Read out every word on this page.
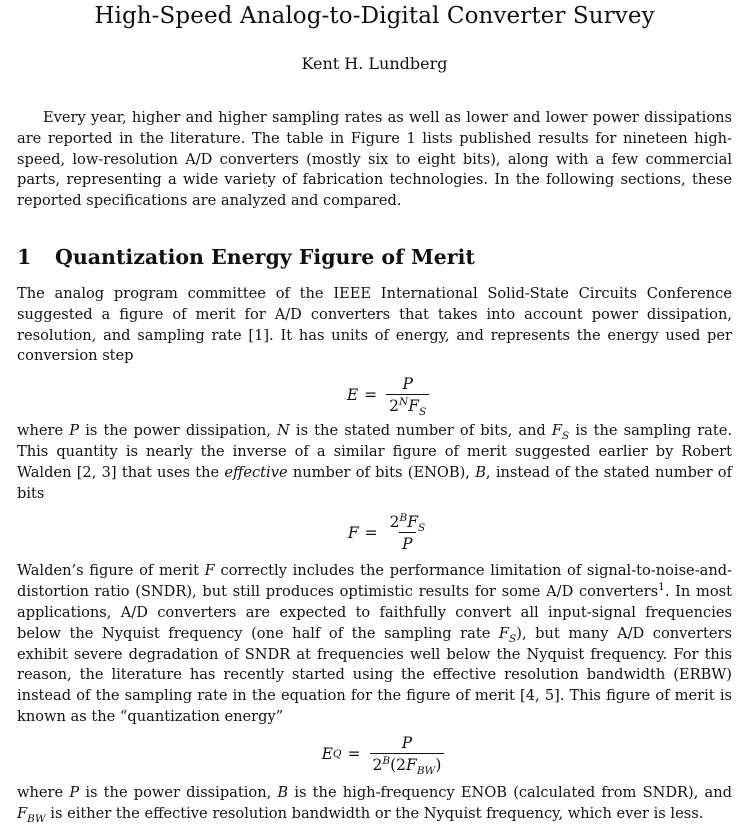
High-Speed Analog-to-Digital Converter Survey
Kent H. Lundberg

Every year, higher and higher sampling rates as well as lower and lower power dissipations are reported in the literature. The table in Figure 1 lists published results for nineteen high-speed, low-resolution A/D converters (mostly six to eight bits), along with a few commercial parts, representing a wide variety of fabrication technologies. In the following sections, these reported specifications are analyzed and compared.

1 Quantization Energy Figure of Merit

The analog program committee of the IEEE International Solid-State Circuits Conference suggested a figure of merit for A/D converters that takes into account power dissipation, resolution, and sampling rate [1]. It has units of energy, and represents the energy used per conversion step

$E = \frac{P}{2^NF_S}$

where P is the power dissipation, N is the stated number of bits, and $F_S$ is the sampling rate. This quantity is nearly the inverse of a similar figure of merit suggested earlier by Robert Walden [2, 3] that uses the effective number of bits (ENOB), B, instead of the stated number of bits

$F = \frac{2^BF_S}{P}$

Walden’s figure of merit F correctly includes the performance limitation of signal-to-noise-and-distortion ratio (SNDR), but still produces optimistic results for some A/D converters$^1$. In most applications, A/D converters are expected to faithfully convert all input-signal frequencies below the Nyquist frequency (one half of the sampling rate $F_S$), but many A/D converters exhibit severe degradation of SNDR at frequencies well below the Nyquist frequency. For this reason, the literature has recently started using the effective resolution bandwidth (ERBW) instead of the sampling rate in the equation for the figure of merit [4, 5]. This figure of merit is known as the “quantization energy”

E $Q = \frac{P}{2^B(2F_{BW})}$

where P is the power dissipation, B is the high-frequency ENOB (calculated from SNDR), and $F_{BW}$ is either the effective resolution bandwidth or the Nyquist frequency, which ever is less.
